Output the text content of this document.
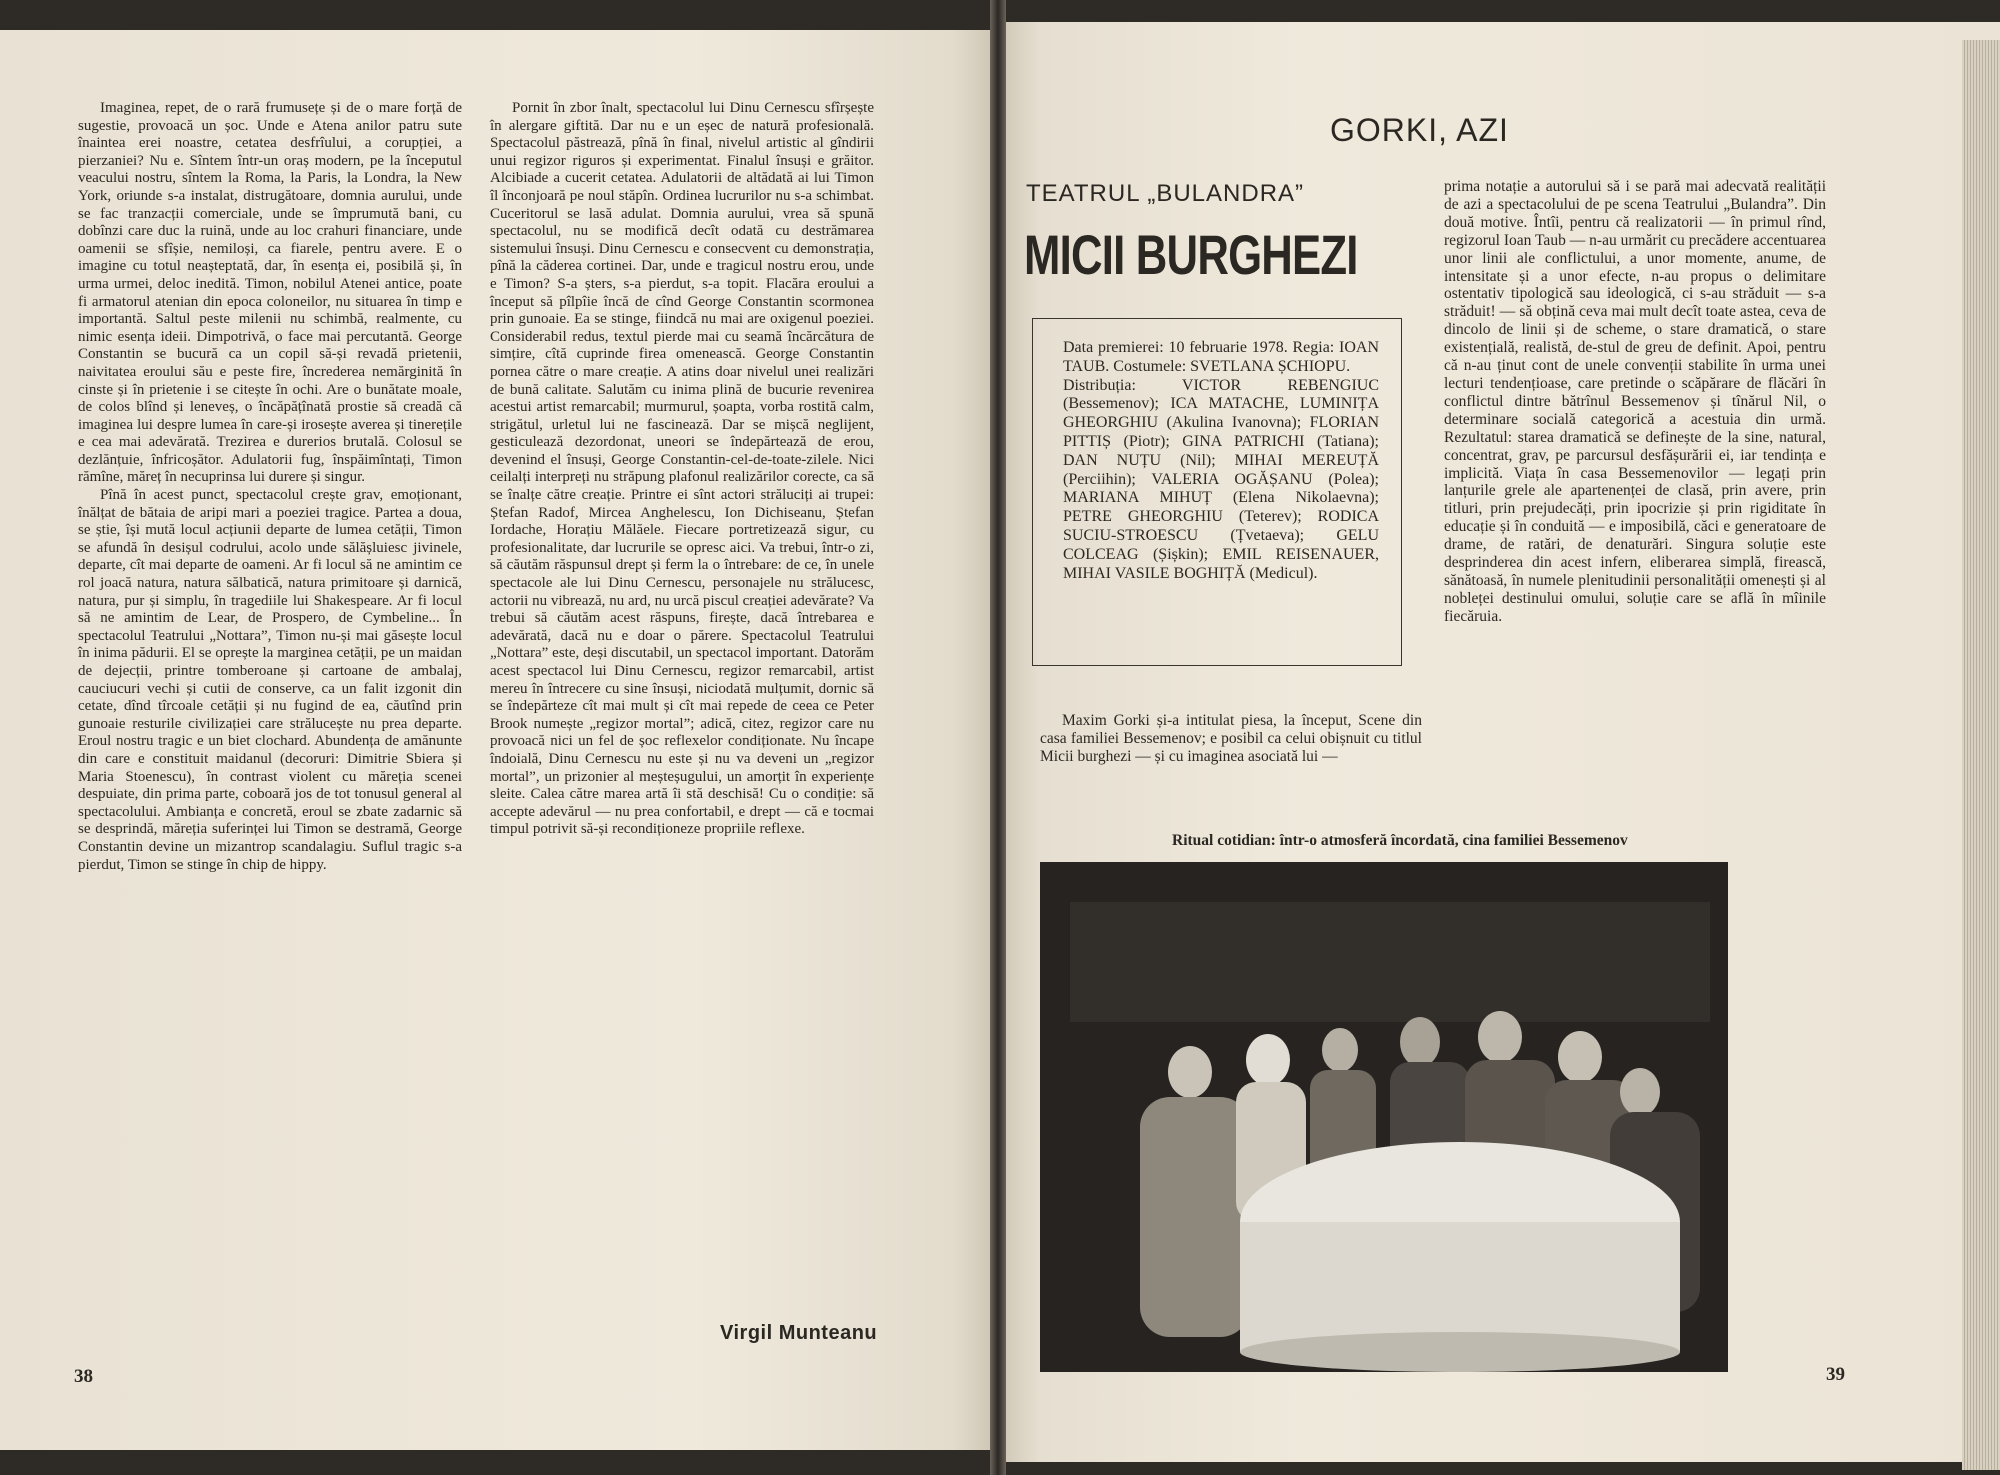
Imaginea, repet, de o rară frumusețe și de o mare forță de sugestie, provoacă un șoc. Unde e Atena anilor patru sute înaintea erei noastre, cetatea desfrîului, a corupției, a pierzaniei? Nu e. Sîntem într-un oraș modern, pe la începutul veacului nostru, sîntem la Roma, la Paris, la Londra, la New York, oriunde s-a instalat, distrugătoare, domnia aurului, unde se fac tranzacții comerciale, unde se împrumută bani, cu dobînzi care duc la ruină, unde au loc crahuri financiare, unde oamenii se sfîșie, nemiloși, ca fiarele, pentru avere. E o imagine cu totul neașteptată, dar, în esența ei, posibilă și, în urma urmei, deloc inedită. Timon, nobilul Atenei antice, poate fi armatorul atenian din epoca coloneilor, nu situarea în timp e importantă. Saltul peste milenii nu schimbă, realmente, cu nimic esența ideii. Dimpotrivă, o face mai percutantă. George Constantin se bucură ca un copil să-și revadă prietenii, naivitatea eroului său e peste fire, încrederea nemărginită în cinste și în prietenie i se citește în ochi. Are o bunătate moale, de colos blînd și leneveș, o încăpățînată prostie să creadă că imaginea lui despre lumea în care-și irosește averea și tinerețile e cea mai adevărată. Trezirea e durerios brutală. Colosul se dezlănțuie, înfricoșător. Adulatorii fug, înspăimîntați, Timon rămîne, măreț în necuprinsa lui durere și singur.

Pînă în acest punct, spectacolul crește grav, emoționant, înălțat de bătaia de aripi mari a poeziei tragice. Partea a doua, se știe, își mută locul acțiunii departe de lumea cetății, Timon se afundă în desișul codrului, acolo unde sălășluiesc jivinele, departe, cît mai departe de oameni. Ar fi locul să ne amintim ce rol joacă natura, natura sălbatică, natura primitoare și darnică, natura, pur și simplu, în tragediile lui Shakespeare. Ar fi locul să ne amintim de Lear, de Prospero, de Cymbeline... În spectacolul Teatrului „Nottara”, Timon nu-și mai găsește locul în inima pădurii. El se oprește la marginea cetății, pe un maidan de dejecții, printre tomberoane și cartoane de ambalaj, cauciucuri vechi și cutii de conserve, ca un falit izgonit din cetate, dînd tîrcoale cetății și nu fugind de ea, căutînd prin gunoaie resturile civilizației care strălucește nu prea departe. Eroul nostru tragic e un biet clochard. Abundența de amănunte din care e constituit maidanul (decoruri: Dimitrie Sbiera și Maria Stoenescu), în contrast violent cu măreția scenei despuiate, din prima parte, coboară jos de tot tonusul general al spectacolului. Ambianța e concretă, eroul se zbate zadarnic să se desprindă, măreția suferinței lui Timon se destramă, George Constantin devine un mizantrop scandalagiu. Suflul tragic s-a pierdut, Timon se stinge în chip de hippy.

Pornit în zbor înalt, spectacolul lui Dinu Cernescu sfîrșește în alergare giftită. Dar nu e un eșec de natură profesională. Spectacolul păstrează, pînă în final, nivelul artistic al gîndirii unui regizor riguros și experimentat. Finalul însuși e grăitor. Alcibiade a cucerit cetatea. Adulatorii de altădată ai lui Timon îl înconjoară pe noul stăpîn. Ordinea lucrurilor nu s-a schimbat. Cuceritorul se lasă adulat. Domnia aurului, vrea să spună spectacolul, nu se modifică decît odată cu destrămarea sistemului însuși. Dinu Cernescu e consecvent cu demonstrația, pînă la căderea cortinei. Dar, unde e tragicul nostru erou, unde e Timon? S-a șters, s-a pierdut, s-a topit. Flacăra eroului a început să pîlpîie încă de cînd George Constantin scormonea prin gunoaie. Ea se stinge, fiindcă nu mai are oxigenul poeziei. Considerabil redus, textul pierde mai cu seamă încărcătura de simțire, cîtă cuprinde firea omenească. George Constantin pornea către o mare creație. A atins doar nivelul unei realizări de bună calitate. Salutăm cu inima plină de bucurie revenirea acestui artist remarcabil; murmurul, șoapta, vorba rostită calm, strigătul, urletul lui ne fascinează. Dar se mișcă neglijent, gesticulează dezordonat, uneori se îndepărtează de erou, devenind el însuși, George Constantin-cel-de-toate-zilele. Nici ceilalți interpreți nu străpung plafonul realizărilor corecte, ca să se înalțe către creație. Printre ei sînt actori străluciți ai trupei: Ștefan Radof, Mircea Anghelescu, Ion Dichiseanu, Ștefan Iordache, Horațiu Mălăele. Fiecare portretizează sigur, cu profesionalitate, dar lucrurile se opresc aici. Va trebui, într-o zi, să căutăm răspunsul drept și ferm la o întrebare: de ce, în unele spectacole ale lui Dinu Cernescu, personajele nu strălucesc, actorii nu vibrează, nu ard, nu urcă piscul creației adevărate? Va trebui să căutăm acest răspuns, firește, dacă întrebarea e adevărată, dacă nu e doar o părere. Spectacolul Teatrului „Nottara” este, deși discutabil, un spectacol important. Datorăm acest spectacol lui Dinu Cernescu, regizor remarcabil, artist mereu în întrecere cu sine însuși, niciodată mulțumit, dornic să se îndepărteze cît mai mult și cît mai repede de ceea ce Peter Brook numește „regizor mortal”; adică, citez, regizor care nu provoacă nici un fel de șoc reflexelor condiționate. Nu încape îndoială, Dinu Cernescu nu este și nu va deveni un „regizor mortal”, un prizonier al meșteșugului, un amorțit în experiențe sleite. Calea către marea artă îi stă deschisă! Cu o condiție: să accepte adevărul — nu prea confortabil, e drept — că e tocmai timpul potrivit să-și recondiționeze propriile reflexe.

Virgil Munteanu
38
GORKI, AZI
TEATRUL „BULANDRA”
MICII BURGHEZI

Data premierei: 10 februarie 1978. Regia: IOAN TAUB. Costumele: SVETLANA ȘCHIOPU.

Distribuția: VICTOR REBENGIUC (Bessemenov); ICA MATACHE, LUMINIȚA GHEORGHIU (Akulina Ivanovna); FLORIAN PITTIȘ (Piotr); GINA PATRICHI (Tatiana); DAN NUȚU (Nil); MIHAI MEREUȚĂ (Perciihin); VALERIA OGĂȘANU (Polea); MARIANA MIHUȚ (Elena Nikolaevna); PETRE GHEORGHIU (Teterev); RODICA SUCIU-STROESCU (Țvetaeva); GELU COLCEAG (Șișkin); EMIL REISENAUER, MIHAI VASILE BOGHIȚĂ (Medicul).

Maxim Gorki și-a intitulat piesa, la început, Scene din casa familiei Bessemenov; e posibil ca celui obișnuit cu titlul Micii burghezi — și cu imaginea asociată lui —

prima notație a autorului să i se pară mai adecvată realității de azi a spectacolului de pe scena Teatrului „Bulandra”. Din două motive. Întîi, pentru că realizatorii — în primul rînd, regizorul Ioan Taub — n-au urmărit cu precădere accentuarea unor linii ale conflictului, a unor momente, anume, de intensitate și a unor efecte, n-au propus o delimitare ostentativ tipologică sau ideologică, ci s-au străduit — s-a străduit! — să obțină ceva mai mult decît toate astea, ceva de dincolo de linii și de scheme, o stare dramatică, o stare existențială, realistă, de-stul de greu de definit. Apoi, pentru că n-au ținut cont de unele convenții stabilite în urma unei lecturi tendențioase, care pretinde o scăpărare de flăcări în conflictul dintre bătrînul Bessemenov și tînărul Nil, o determinare socială categorică a acestuia din urmă. Rezultatul: starea dramatică se definește de la sine, natural, concentrat, grav, pe parcursul desfășurării ei, iar tendința e implicită. Viața în casa Bessemenovilor — legați prin lanțurile grele ale apartenenței de clasă, prin avere, prin titluri, prin prejudecăți, prin ipocrizie și prin rigiditate în educație și în conduită — e imposibilă, căci e generatoare de drame, de ratări, de denaturări. Singura soluție este desprinderea din acest infern, eliberarea simplă, firească, sănătoasă, în numele plenitudinii personalității omenești și al nobleței destinului omului, soluție care se află în mîinile fiecăruia.

Ritual cotidian: într-o atmosferă încordată, cina familiei Bessemenov
39
